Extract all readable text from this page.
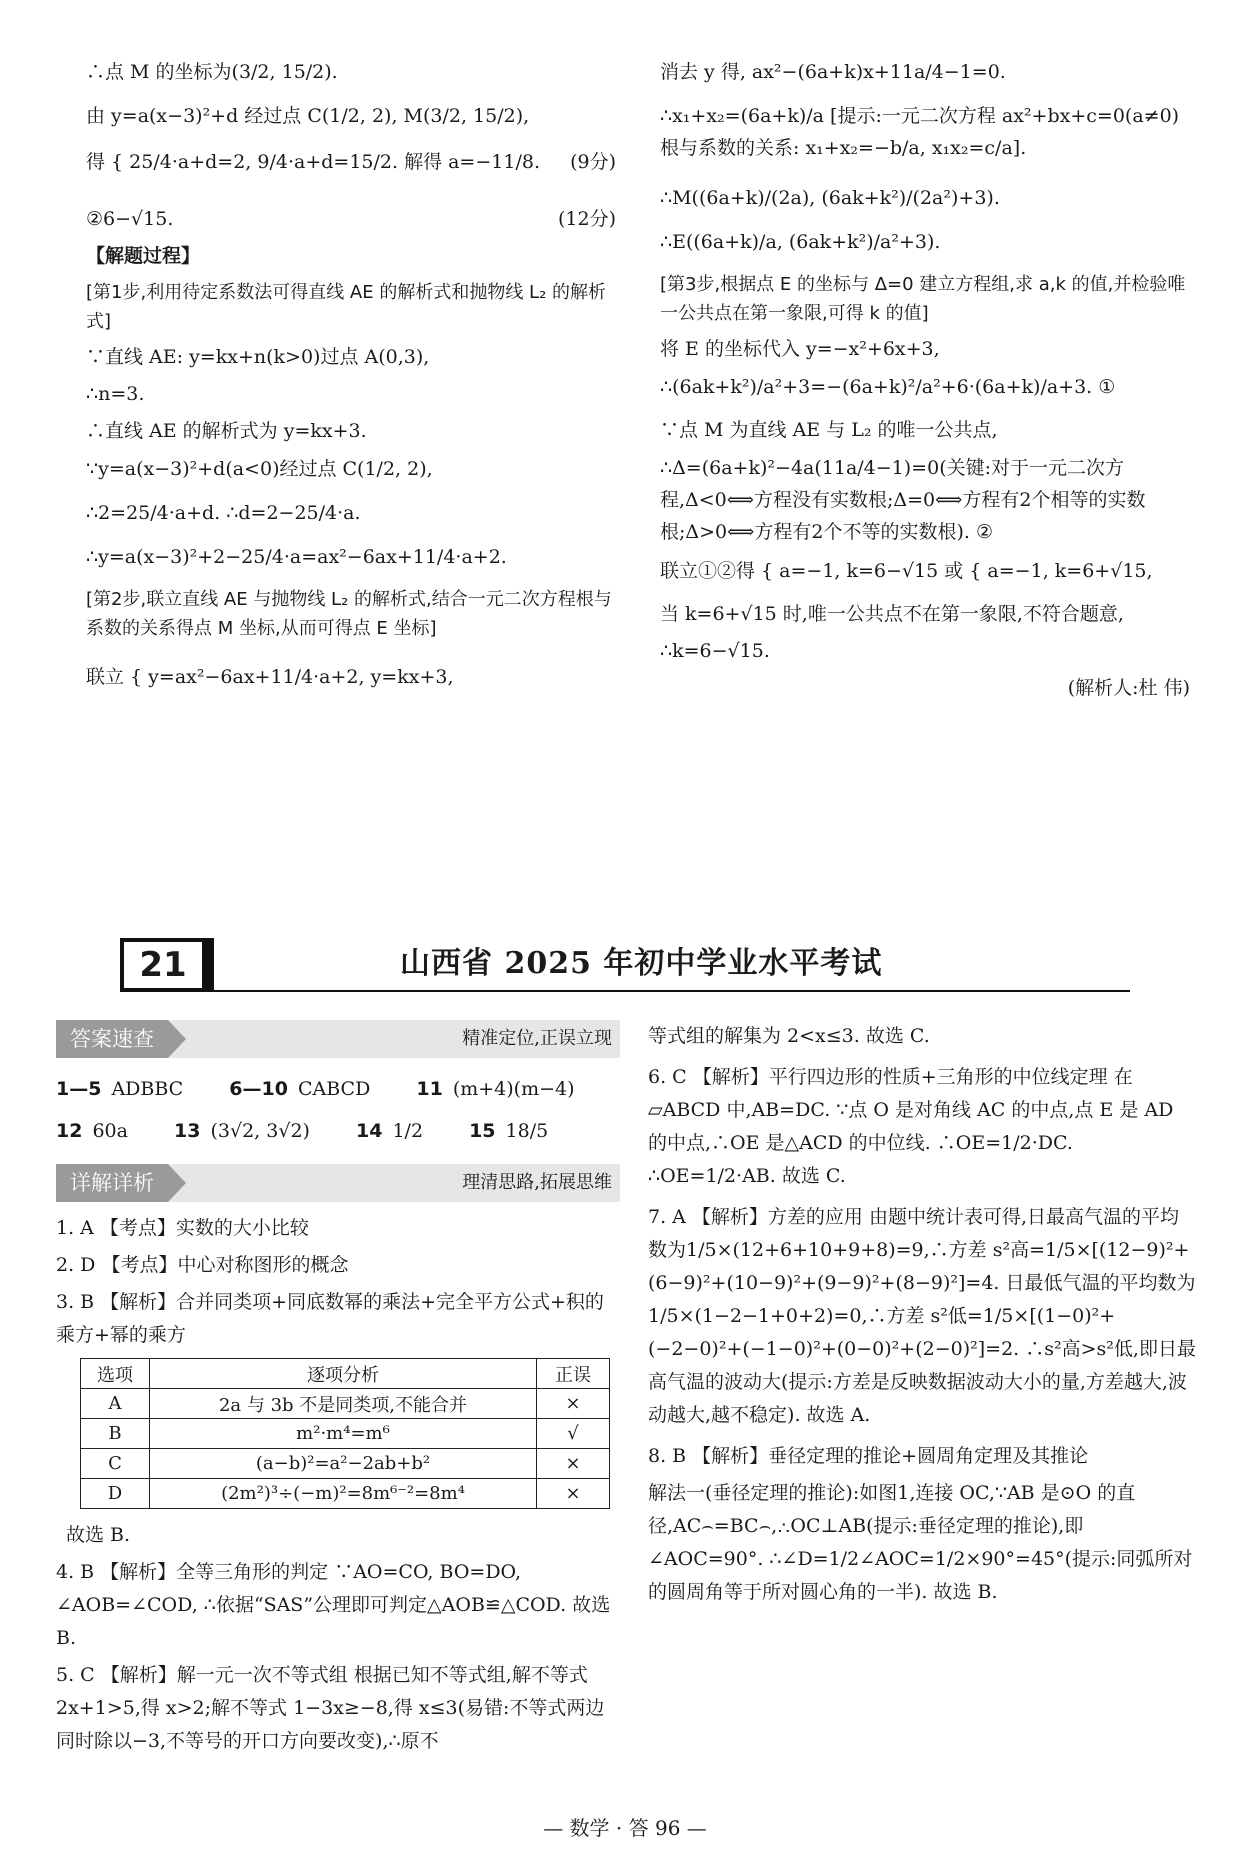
∴点 M 的坐标为(3/2, 15/2).
由 y=a(x−3)²+d 经过点 C(1/2, 2), M(3/2, 15/2),
得 { 25/4·a+d=2, 9/4·a+d=15/2. 解得 a=−11/8. (9分)
②6−√15.	(12分)
【解题过程】
[第1步,利用待定系数法可得直线 AE 的解析式和抛物线 L₂ 的解析式]
∵直线 AE: y=kx+n(k>0)过点 A(0,3),
∴n=3.
∴直线 AE 的解析式为 y=kx+3.
∵y=a(x−3)²+d(a<0)经过点 C(1/2, 2),
∴2=25/4·a+d. ∴d=2−25/4·a.
∴y=a(x−3)²+2−25/4·a=ax²−6ax+11/4·a+2.
[第2步,联立直线 AE 与抛物线 L₂ 的解析式,结合一元二次方程根与系数的关系得点 M 坐标,从而可得点 E 坐标]
联立 { y=ax²−6ax+11/4·a+2, y=kx+3,
消去 y 得, ax²−(6a+k)x+11a/4−1=0.
∴x₁+x₂=(6a+k)/a [提示:一元二次方程 ax²+bx+c=0(a≠0)根与系数的关系: x₁+x₂=−b/a, x₁x₂=c/a].
∴M((6a+k)/(2a), (6ak+k²)/(2a²)+3).
∴E((6a+k)/a, (6ak+k²)/a²+3).
[第3步,根据点 E 的坐标与 Δ=0 建立方程组,求 a,k 的值,并检验唯一公共点在第一象限,可得 k 的值]
将 E 的坐标代入 y=−x²+6x+3,
∴(6ak+k²)/a²+3=−(6a+k)²/a²+6·(6a+k)/a+3. ①
∵点 M 为直线 AE 与 L₂ 的唯一公共点,
∴Δ=(6a+k)²−4a(11a/4−1)=0(关键:对于一元二次方程,Δ<0⟺方程没有实数根;Δ=0⟺方程有2个相等的实数根;Δ>0⟺方程有2个不等的实数根). ②
联立①②得 { a=−1, k=6−√15 或 { a=−1, k=6+√15,
当 k=6+√15 时,唯一公共点不在第一象限,不符合题意,
∴k=6−√15.
(解析人:杜 伟)
21	山西省 2025 年初中学业水平考试
答案速查	精准定位,正误立现
1—5 ADBBC 6—10 CABCD 11 (m+4)(m−4)
12 60a 13 (3√2, 3√2) 14 1/2 15 18/5
详解详析	理清思路,拓展思维
1. A 【考点】实数的大小比较
2. D 【考点】中心对称图形的概念
3. B 【解析】合并同类项+同底数幂的乘法+完全平方公式+积的乘方+幂的乘方
选项	逐项分析	正误
A	2a 与 3b 不是同类项,不能合并	×
B	m²·m⁴=m⁶	√
C	(a−b)²=a²−2ab+b²	×
D	(2m²)³÷(−m)²=8m⁶⁻²=8m⁴	×
故选 B.
4. B 【解析】全等三角形的判定 ∵AO=CO, BO=DO, ∠AOB=∠COD, ∴依据“SAS”公理即可判定△AOB≌△COD. 故选 B.
5. C 【解析】解一元一次不等式组 根据已知不等式组,解不等式 2x+1>5,得 x>2;解不等式 1−3x≥−8,得 x≤3(易错:不等式两边同时除以−3,不等号的开口方向要改变),∴原不
等式组的解集为 2<x≤3. 故选 C.
6. C 【解析】平行四边形的性质+三角形的中位线定理 在▱ABCD 中,AB=DC. ∵点 O 是对角线 AC 的中点,点 E 是 AD 的中点,∴OE 是△ACD 的中位线. ∴OE=1/2·DC. ∴OE=1/2·AB. 故选 C.
7. A 【解析】方差的应用 由题中统计表可得,日最高气温的平均数为1/5×(12+6+10+9+8)=9,∴方差 s²高=1/5×[(12−9)²+(6−9)²+(10−9)²+(9−9)²+(8−9)²]=4. 日最低气温的平均数为1/5×(1−2−1+0+2)=0,∴方差 s²低=1/5×[(1−0)²+(−2−0)²+(−1−0)²+(0−0)²+(2−0)²]=2. ∴s²高>s²低,即日最高气温的波动大(提示:方差是反映数据波动大小的量,方差越大,波动越大,越不稳定). 故选 A.
8. B 【解析】垂径定理的推论+圆周角定理及其推论
解法一(垂径定理的推论):如图1,连接 OC,∵AB 是⊙O 的直径,AC⌢=BC⌢,∴OC⊥AB(提示:垂径定理的推论),即∠AOC=90°. ∴∠D=1/2∠AOC=1/2×90°=45°(提示:同弧所对的圆周角等于所对圆心角的一半). 故选 B.
— 数学 · 答 96 —
